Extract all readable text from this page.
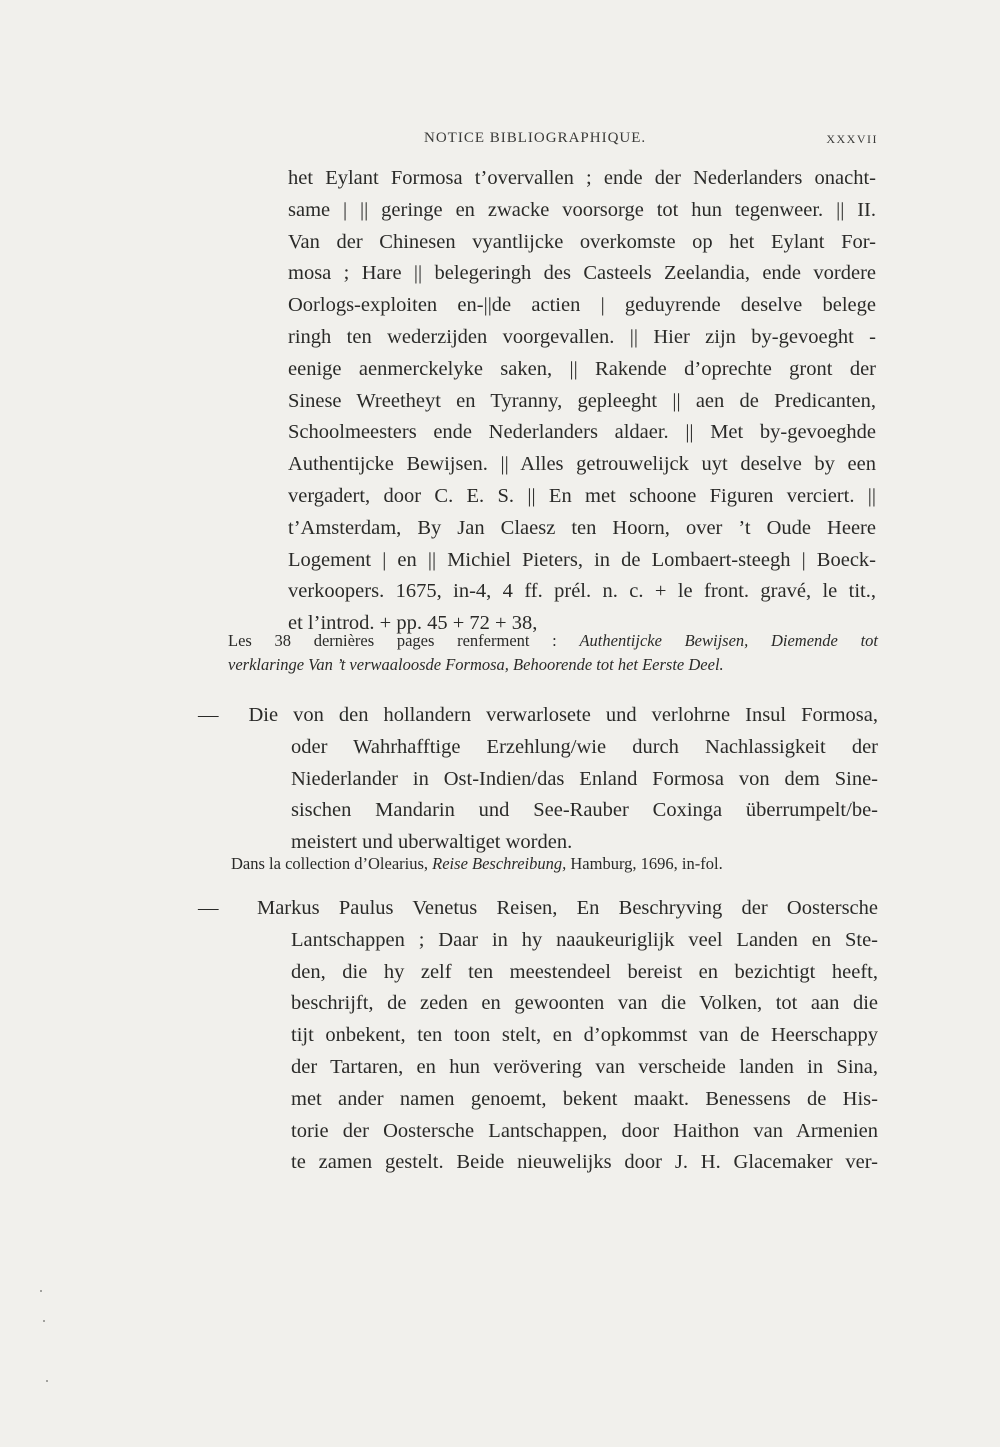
NOTICE BIBLIOGRAPHIQUE.	XXXVII
het Eylant Formosa t’overvallen ; ende der Nederlanders onacht-
same | || geringe en zwacke voorsorge tot hun tegenweer. || II.
Van der Chinesen vyantlijcke overkomste op het Eylant For-
mosa ; Hare || belegeringh des Casteels Zeelandia, ende vordere
Oorlogs-exploiten en-||de actien | geduyrende deselve belege
ringh ten wederzijden voorgevallen. || Hier zijn by-gevoeght -
eenige aenmerckelyke saken, || Rakende d’oprechte gront der
Sinese Wreetheyt en Tyranny, gepleeght || aen de Predicanten,
Schoolmeesters ende Nederlanders aldaer. || Met by-gevoeghde
Authentijcke Bewijsen. || Alles getrouwelijck uyt deselve by een
vergadert, door C. E. S. || En met schoone Figuren verciert. ||
t’Amsterdam, By Jan Claesz ten Hoorn, over ’t Oude Heere
Logement | en || Michiel Pieters, in de Lombaert-steegh | Boeck-
verkoopers. 1675, in-4, 4 ff. prél. n. c. + le front. gravé, le tit.,
et l’introd. + pp. 45 + 72 + 38,
Les 38 dernières pages renferment : Authentijcke Bewijsen, Diemende tot
verklaringe Van ’t verwaaloosde Formosa, Behoorende tot het Eerste Deel.
— Die von den hollandern verwarlosete und verlohrne Insul Formosa,
oder Wahrhafftige Erzehlung/wie durch Nachlassigkeit der
Niederlander in Ost-Indien/das Enland Formosa von dem Sine-
sischen Mandarin und See-Rauber Coxinga überrumpelt/be-
meistert und uberwaltiget worden.
Dans la collection d’Olearius, Reise Beschreibung, Hamburg, 1696, in-fol.
— Markus Paulus Venetus Reisen, En Beschryving der Oostersche
Lantschappen ; Daar in hy naaukeuriglijk veel Landen en Ste-
den, die hy zelf ten meestendeel bereist en bezichtigt heeft,
beschrijft, de zeden en gewoonten van die Volken, tot aan die
tijt onbekent, ten toon stelt, en d’opkommst van de Heerschappy
der Tartaren, en hun verövering van verscheide landen in Sina,
met ander namen genoemt, bekent maakt. Benessens de His-
torie der Oostersche Lantschappen, door Haithon van Armenien
te zamen gestelt. Beide nieuwelijks door J. H. Glacemaker ver-
